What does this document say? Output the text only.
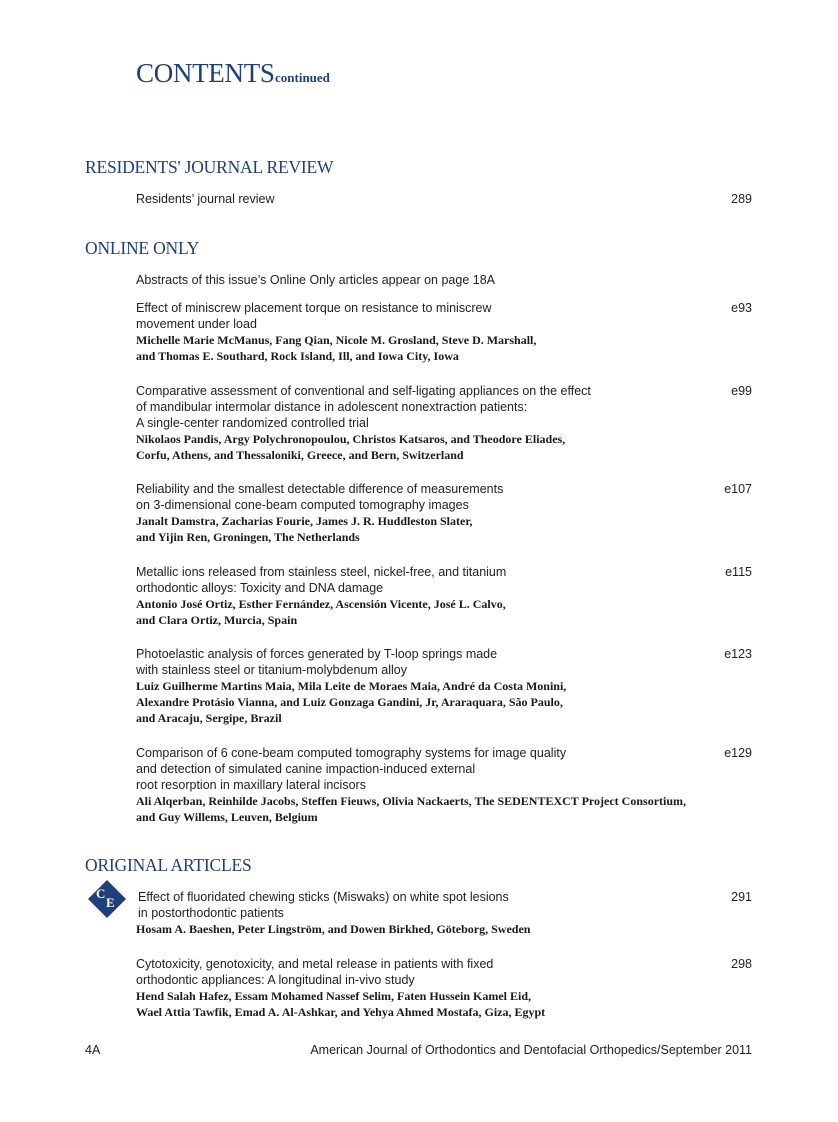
CONTENTS continued
RESIDENTS' JOURNAL REVIEW
Residents’ journal review	289
ONLINE ONLY
Abstracts of this issue’s Online Only articles appear on page 18A
Effect of miniscrew placement torque on resistance to miniscrew
movement under load
Michelle Marie McManus, Fang Qian, Nicole M. Grosland, Steve D. Marshall,
and Thomas E. Southard, Rock Island, Ill, and Iowa City, Iowa
e93
Comparative assessment of conventional and self-ligating appliances on the effect
of mandibular intermolar distance in adolescent nonextraction patients:
A single-center randomized controlled trial
Nikolaos Pandis, Argy Polychronopoulou, Christos Katsaros, and Theodore Eliades,
Corfu, Athens, and Thessaloniki, Greece, and Bern, Switzerland
e99
Reliability and the smallest detectable difference of measurements
on 3-dimensional cone-beam computed tomography images
Janalt Damstra, Zacharias Fourie, James J. R. Huddleston Slater,
and Yijin Ren, Groningen, The Netherlands
e107
Metallic ions released from stainless steel, nickel-free, and titanium
orthodontic alloys: Toxicity and DNA damage
Antonio José Ortiz, Esther Fernández, Ascensión Vicente, José L. Calvo,
and Clara Ortiz, Murcia, Spain
e115
Photoelastic analysis of forces generated by T-loop springs made
with stainless steel or titanium-molybdenum alloy
Luiz Guilherme Martins Maia, Mila Leite de Moraes Maia, André da Costa Monini,
Alexandre Protásio Vianna, and Luiz Gonzaga Gandini, Jr, Araraquara, São Paulo,
and Aracaju, Sergipe, Brazil
e123
Comparison of 6 cone-beam computed tomography systems for image quality
and detection of simulated canine impaction-induced external
root resorption in maxillary lateral incisors
Ali Alqerban, Reinhilde Jacobs, Steffen Fieuws, Olivia Nackaerts, The SEDENTEXCT Project Consortium,
and Guy Willems, Leuven, Belgium
e129
ORIGINAL ARTICLES
C
E Effect of fluoridated chewing sticks (Miswaks) on white spot lesions
in postorthodontic patients
Hosam A. Baeshen, Peter Lingström, and Dowen Birkhed, Göteborg, Sweden
291
Cytotoxicity, genotoxicity, and metal release in patients with fixed
orthodontic appliances: A longitudinal in-vivo study
Hend Salah Hafez, Essam Mohamed Nassef Selim, Faten Hussein Kamel Eid,
Wael Attia Tawfik, Emad A. Al-Ashkar, and Yehya Ahmed Mostafa, Giza, Egypt
298
4A	American Journal of Orthodontics and Dentofacial Orthopedics/September 2011
